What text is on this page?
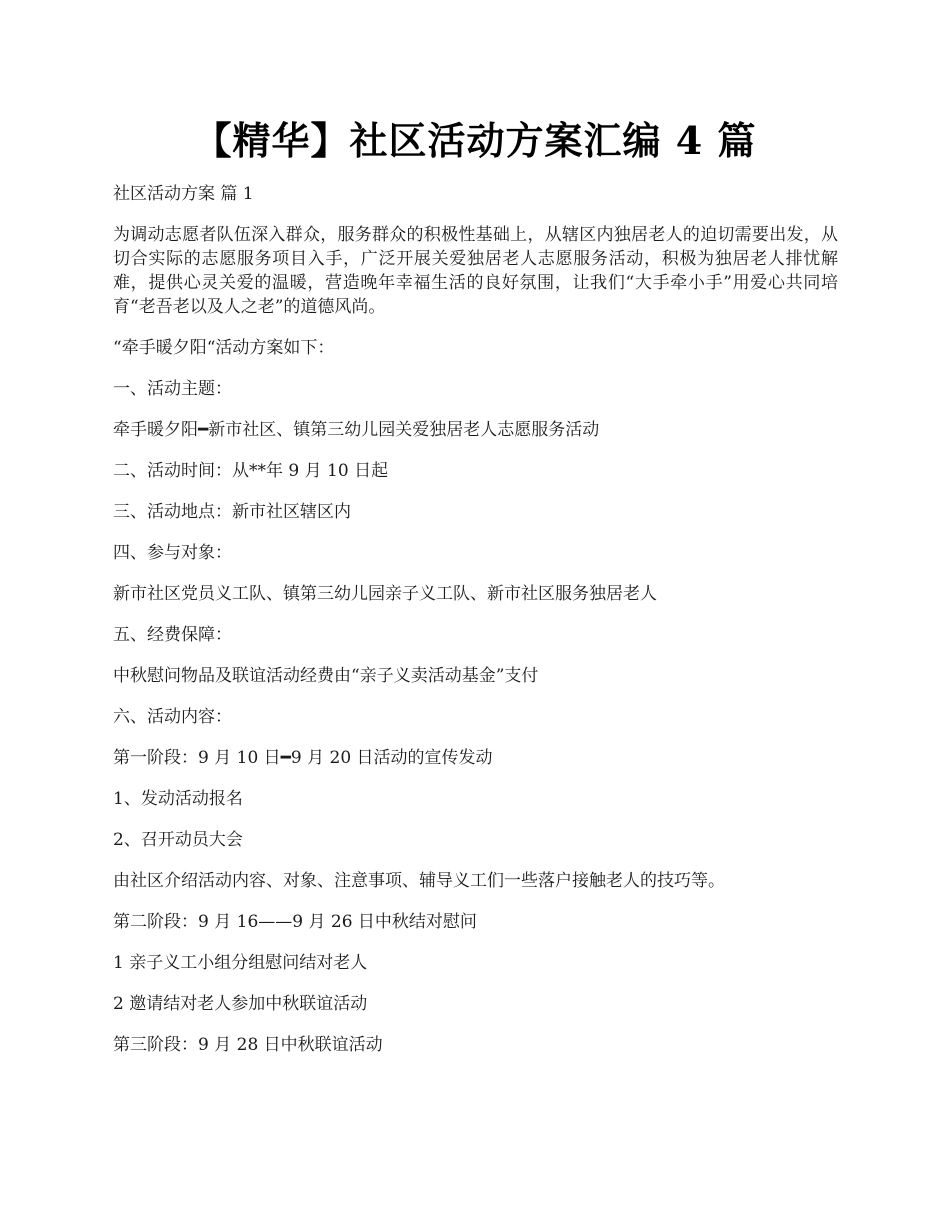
【精华】社区活动方案汇编 4 篇

社区活动方案 篇 1

为调动志愿者队伍深入群众，服务群众的积极性基础上，从辖区内独居老人的迫切需要出发，从切合实际的志愿服务项目入手，广泛开展关爱独居老人志愿服务活动，积极为独居老人排忧解难，提供心灵关爱的温暖，营造晚年幸福生活的良好氛围，让我们“大手牵小手”用爱心共同培育“老吾老以及人之老”的道德风尚。

“牵手暖夕阳“活动方案如下：

一、活动主题：

牵手暖夕阳━新市社区、镇第三幼儿园关爱独居老人志愿服务活动

二、活动时间：从**年 9 月 10 日起

三、活动地点：新市社区辖区内

四、参与对象：

新市社区党员义工队、镇第三幼儿园亲子义工队、新市社区服务独居老人

五、经费保障：

中秋慰问物品及联谊活动经费由“亲子义卖活动基金”支付

六、活动内容：

第一阶段：9 月 10 日━9 月 20 日活动的宣传发动

1、发动活动报名

2、召开动员大会

由社区介绍活动内容、对象、注意事项、辅导义工们一些落户接触老人的技巧等。

第二阶段：9 月 16——9 月 26 日中秋结对慰问

1 亲子义工小组分组慰问结对老人

2 邀请结对老人参加中秋联谊活动

第三阶段：9 月 28 日中秋联谊活动
